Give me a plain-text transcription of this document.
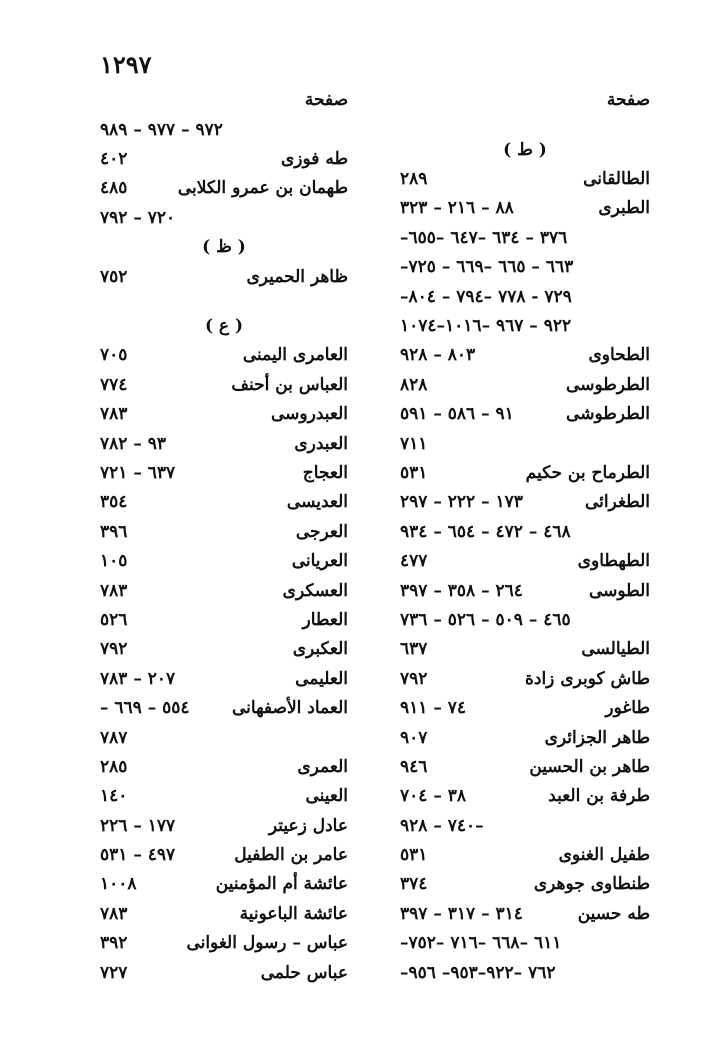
١٢٩٧
صفحة
( ط )
الطالقانى
٢٨٩
الطبرى
٨٨ – ٢١٦ – ٣٢٣
٣٧٦ – ٦٣٤ –٦٤٧ –٦٥٥–
٦٦٣ – ٦٦٥ –٦٦٩ – ٧٢٥–
٧٢٩ - ٧٧٨ –٧٩٤ – ٨٠٤–
٩٢٢ – ٩٦٧ –١٠١٦–١٠٧٤
الطحاوى
٨٠٣ – ٩٢٨
الطرطوسى
٨٢٨
الطرطوشى
٩١ – ٥٨٦ – ٥٩١
٧١١
الطرماح بن حكيم
٥٣١
الطغرائى
١٧٣ – ٢٢٢ – ٢٩٧
٤٦٨ – ٤٧٢ – ٦٥٤ – ٩٣٤
الطهطاوى
٤٧٧
الطوسى
٢٦٤ – ٣٥٨ – ٣٩٧
٤٦٥ – ٥٠٩ – ٥٢٦ – ٧٣٦
الطيالسى
٦٣٧
طاش كوبرى زادة
٧٩٢
طاغور
٧٤ – ٩١١
طاهر الجزائرى
٩٠٧
طاهر بن الحسين
٩٤٦
طرفة بن العبد
٣٨ – ٧٠٤
–٧٤٠ – ٩٢٨
طفيل الغنوى
٥٣١
طنطاوى جوهرى
٣٧٤
طه حسين
٣١٤ – ٣١٧ – ٣٩٧
٦١١ –٦٦٨ –٧١٦ –٧٥٢–
٧٦٢ –٩٢٢–٩٥٣– ٩٥٦–
صفحة
٩٧٢ – ٩٧٧ – ٩٨٩
طه فوزى
٤٠٢
طهمان بن عمرو الكلابى
٤٨٥
٧٢٠ – ٧٩٢
( ظ )
ظاهر الحميرى
٧٥٢
( ع )
العامرى اليمنى
٧٠٥
العباس بن أحنف
٧٧٤
العبدروسى
٧٨٣
العبدرى
٩٣ – ٧٨٢
العجاج
٦٣٧ – ٧٢١
العديسى
٣٥٤
العرجى
٣٩٦
العريانى
١٠٥
العسكرى
٧٨٣
العطار
٥٢٦
العكبرى
٧٩٢
العليمى
٢٠٧ – ٧٨٣
العماد الأصفهانى
٥٥٤ – ٦٦٩ –
٧٨٧
العمرى
٢٨٥
العينى
١٤٠
عادل زعيتر
١٧٧ – ٢٢٦
عامر بن الطفيل
٤٩٧ – ٥٣١
عائشة أم المؤمنين
١٠٠٨
عائشة الباعونية
٧٨٣
عباس – رسول الغوانى
٣٩٢
عباس حلمى
٧٢٧
